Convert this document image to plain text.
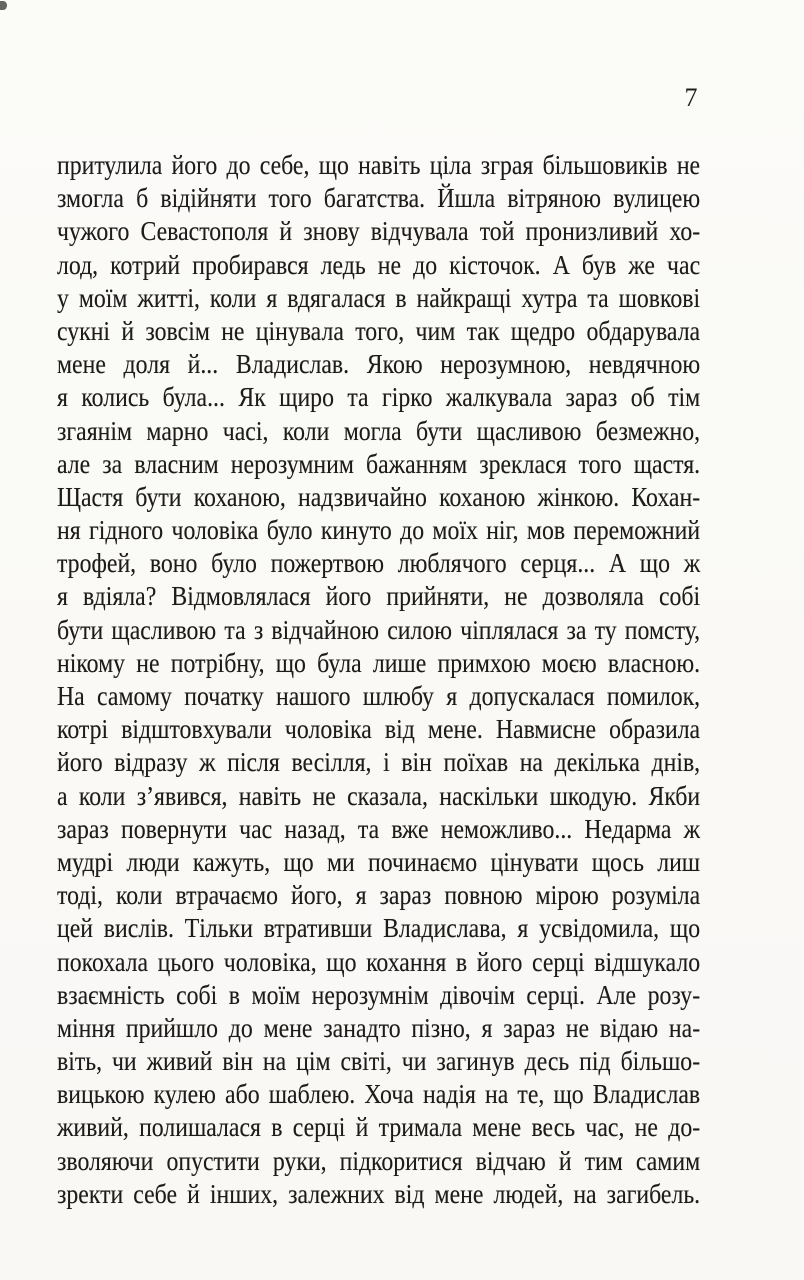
7
притулила його до себе, що навіть ціла зграя більшовиків не
змогла б відійняти того багатства. Йшла вітряною вулицею
чужого Севастополя й знову відчувала той пронизливий хо-
лод, котрий пробирався ледь не до кісточок. А був же час
у моїм житті, коли я вдягалася в найкращі хутра та шовкові
сукні й зовсім не цінувала того, чим так щедро обдарувала
мене доля й... Владислав. Якою нерозумною, невдячною
я колись була... Як щиро та гірко жалкувала зараз об тім
згаянім марно часі, коли могла бути щасливою безмежно,
але за власним нерозумним бажанням зреклася того щастя.
Щастя бути коханою, надзвичайно коханою жінкою. Кохан-
ня гідного чоловіка було кинуто до моїх ніг, мов переможний
трофей, воно було пожертвою люблячого серця... А що ж
я вдіяла? Відмовлялася його прийняти, не дозволяла собі
бути щасливою та з відчайною силою чіплялася за ту помсту,
нікому не потрібну, що була лише примхою моєю власною.
На самому початку нашого шлюбу я допускалася помилок,
котрі відштовхували чоловіка від мене. Навмисне образила
його відразу ж після весілля, і він поїхав на декілька днів,
а коли з’явився, навіть не сказала, наскільки шкодую. Якби
зараз повернути час назад, та вже неможливо... Недарма ж
мудрі люди кажуть, що ми починаємо цінувати щось лиш
тоді, коли втрачаємо його, я зараз повною мірою розуміла
цей вислів. Тільки втративши Владислава, я усвідомила, що
покохала цього чоловіка, що кохання в його серці відшукало
взаємність собі в моїм нерозумнім дівочім серці. Але розу-
міння прийшло до мене занадто пізно, я зараз не відаю на-
віть, чи живий він на цім світі, чи загинув десь під більшо-
вицькою кулею або шаблею. Хоча надія на те, що Владислав
живий, полишалася в серці й тримала мене весь час, не до-
зволяючи опустити руки, підкоритися відчаю й тим самим
зректи себе й інших, залежних від мене людей, на загибель.
